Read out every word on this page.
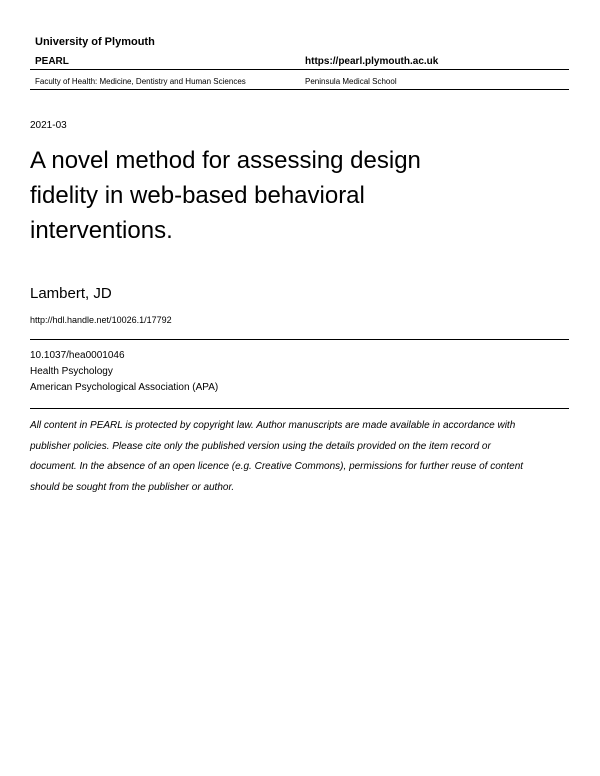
University of Plymouth
PEARL	https://pearl.plymouth.ac.uk
Faculty of Health: Medicine, Dentistry and Human Sciences	Peninsula Medical School
2021-03
A novel method for assessing design
fidelity in web-based behavioral
interventions.
Lambert, JD
http://hdl.handle.net/10026.1/17792
10.1037/hea0001046
Health Psychology
American Psychological Association (APA)
All content in PEARL is protected by copyright law. Author manuscripts are made available in accordance with
publisher policies. Please cite only the published version using the details provided on the item record or
document. In the absence of an open licence (e.g. Creative Commons), permissions for further reuse of content
should be sought from the publisher or author.
